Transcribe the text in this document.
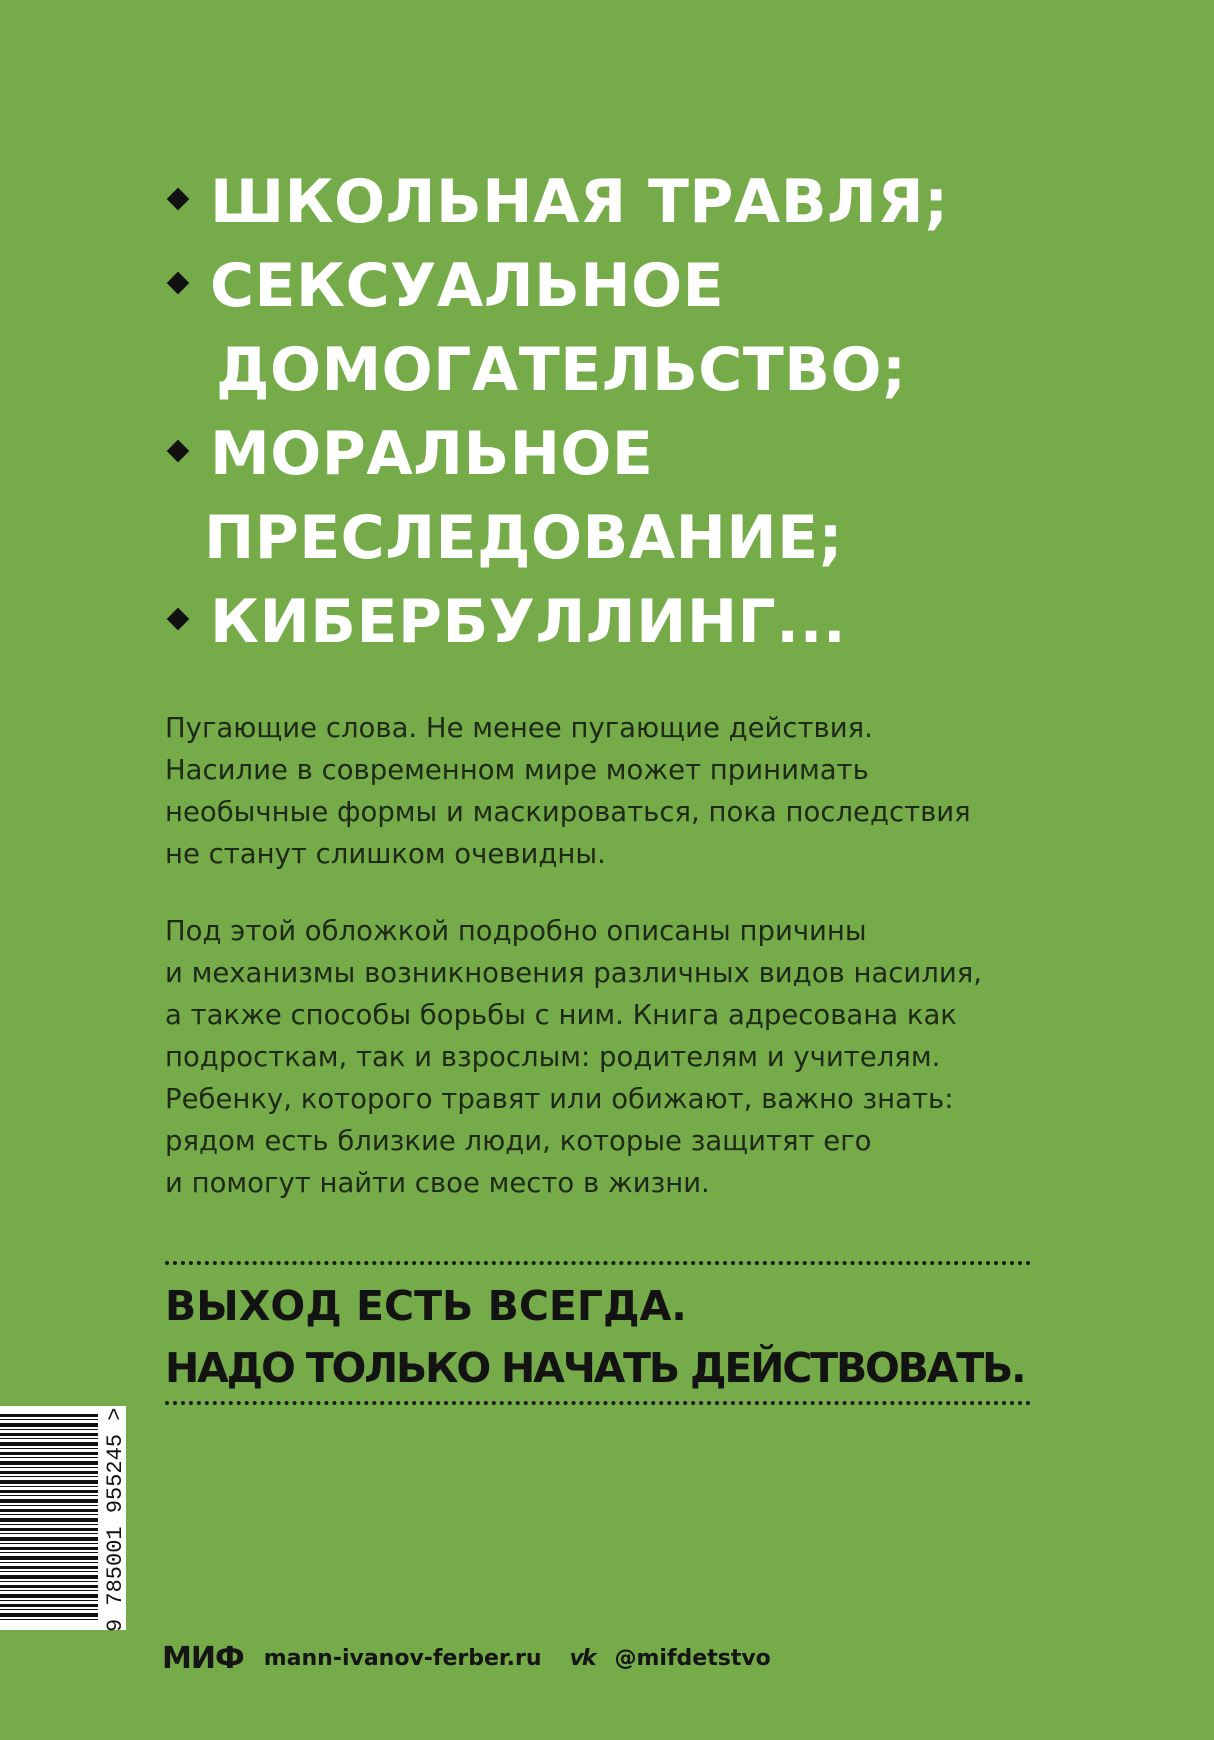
ШКОЛЬНАЯ ТРАВЛЯ;
СЕКСУАЛЬНОЕ
ДОМОГАТЕЛЬСТВО;
МОРАЛЬНОЕ
ПРЕСЛЕДОВАНИЕ;
КИБЕРБУЛЛИНГ...

Пугающие слова. Не менее пугающие действия.
Насилие в современном мире может принимать
необычные формы и маскироваться, пока последствия
не станут слишком очевидны.

Под этой обложкой подробно описаны причины
и механизмы возникновения различных видов насилия,
а также способы борьбы с ним. Книга адресована как
подросткам, так и взрослым: родителям и учителям.
Ребенку, которого травят или обижают, важно знать:
рядом есть близкие люди, которые защитят его
и помогут найти свое место в жизни.

ВЫХОД ЕСТЬ ВСЕГДА.
НАДО ТОЛЬКО НАЧАТЬ ДЕЙСТВОВАТЬ.
9 785001 955245 >
МИФ mann-ivanov-ferber.ru vk @mifdetstvo
